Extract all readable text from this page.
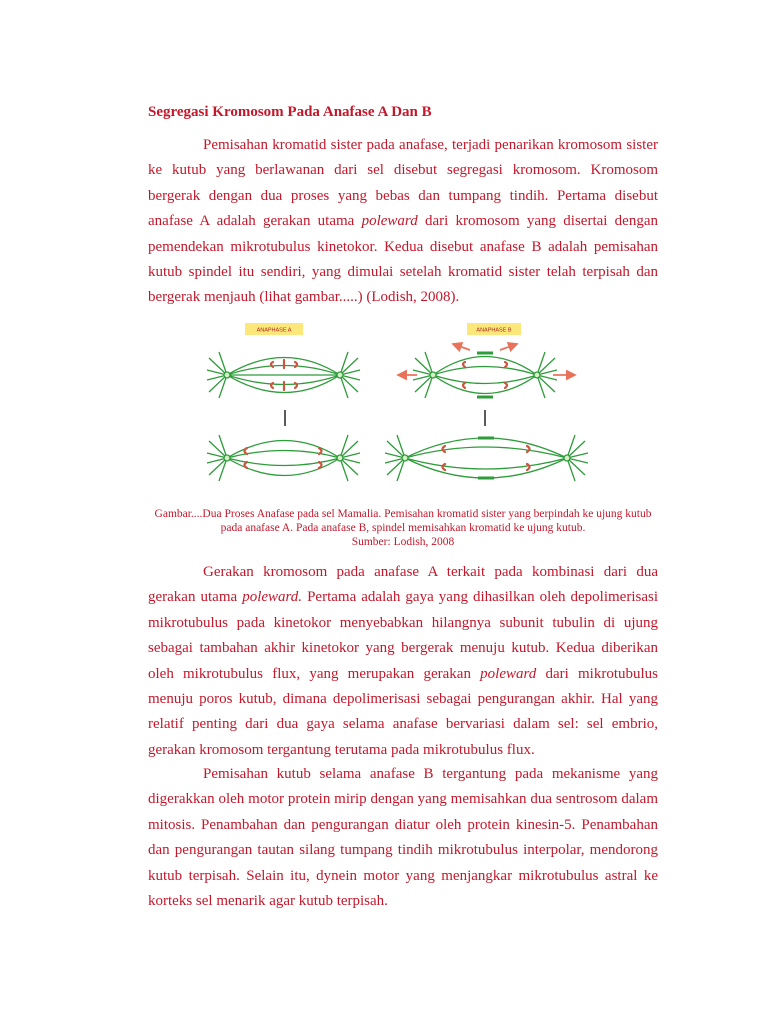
Segregasi Kromosom Pada Anafase A Dan B

Pemisahan kromatid sister pada anafase, terjadi penarikan kromosom sister ke kutub yang berlawanan dari sel disebut segregasi kromosom. Kromosom bergerak dengan dua proses yang bebas dan tumpang tindih. Pertama disebut anafase A adalah gerakan utama poleward dari kromosom yang disertai dengan pemendekan mikrotubulus kinetokor. Kedua disebut anafase B adalah pemisahan kutub spindel itu sendiri, yang dimulai setelah kromatid sister telah terpisah dan bergerak menjauh (lihat gambar.....) (Lodish, 2008).

ANAPHASE A	ANAPHASE B

Gambar....Dua Proses Anafase pada sel Mamalia. Pemisahan kromatid sister yang berpindah ke ujung kutub pada anafase A. Pada anafase B, spindel memisahkan kromatid ke ujung kutub.
Sumber: Lodish, 2008

Gerakan kromosom pada anafase A terkait pada kombinasi dari dua gerakan utama poleward. Pertama adalah gaya yang dihasilkan oleh depolimerisasi mikrotubulus pada kinetokor menyebabkan hilangnya subunit tubulin di ujung sebagai tambahan akhir kinetokor yang bergerak menuju kutub. Kedua diberikan oleh mikrotubulus flux, yang merupakan gerakan poleward dari mikrotubulus menuju poros kutub, dimana depolimerisasi sebagai pengurangan akhir. Hal yang relatif penting dari dua gaya selama anafase bervariasi dalam sel: sel embrio, gerakan kromosom tergantung terutama pada mikrotubulus flux.

Pemisahan kutub selama anafase B tergantung pada mekanisme yang digerakkan oleh motor protein mirip dengan yang memisahkan dua sentrosom dalam mitosis. Penambahan dan pengurangan diatur oleh protein kinesin-5. Penambahan dan pengurangan tautan silang tumpang tindih mikrotubulus interpolar, mendorong kutub terpisah. Selain itu, dynein motor yang menjangkar mikrotubulus astral ke korteks sel menarik agar kutub terpisah.
